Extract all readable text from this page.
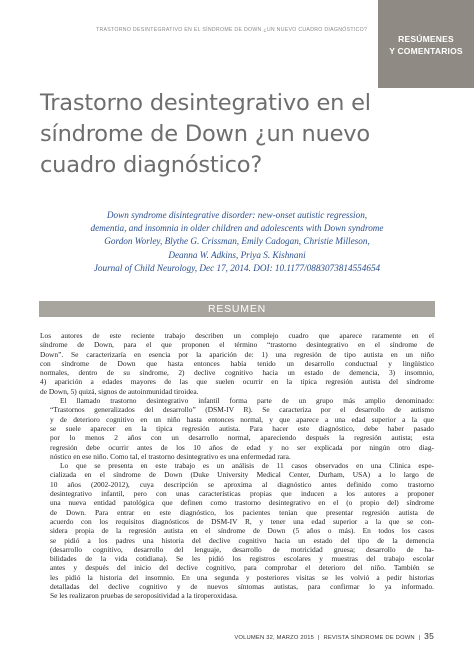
TRASTORNO DESINTEGRATIVO EN EL SÍNDROME DE DOWN ¿UN NUEVO CUADRO DIAGNÓSTICO?
RESÚMENES
Y COMENTARIOS
Trastorno desintegrativo en el
síndrome de Down ¿un nuevo
cuadro diagnóstico?
Down syndrome disintegrative disorder: new-onset autistic regression,
dementia, and insomnia in older children and adolescents with Down syndrome
Gordon Worley, Blythe G. Crissman, Emily Cadogan, Christie Milleson,
Deanna W. Adkins, Priya S. Kishnani
Journal of Child Neurology, Dec 17, 2014. DOI: 10.1177/0883073814554654
RESUMEN

Los autores de este reciente trabajo describen un complejo cuadro que aparece raramente en el
síndrome de Down, para el que proponen el término “trastorno desintegrativo en el síndrome de
Down”. Se caracterizaría en esencia por la aparición de: 1) una regresión de tipo autista en un niño
con síndrome de Down que hasta entonces había tenido un desarrollo conductual y lingüístico
normales, dentro de su síndrome, 2) declive cognitivo hacia un estado de demencia, 3) insomnio,
4) aparición a edades mayores de las que suelen ocurrir en la típica regresión autista del síndrome
de Down, 5) quizá, signos de autoinmunidad tiroidea.

El llamado trastorno desintegrativo infantil forma parte de un grupo más amplio denominado:
“Trastornos generalizados del desarrollo” (DSM-IV R). Se caracteriza por el desarrollo de autismo
y de deterioro cognitivo en un niño hasta entonces normal, y que aparece a una edad superior a la que
se suele aparecer en la típica regresión autista. Para hacer este diagnóstico, debe haber pasado
por lo menos 2 años con un desarrollo normal, apareciendo después la regresión autista; esta
regresión debe ocurrir antes de los 10 años de edad y no ser explicada por ningún otro diag-
nóstico en ese niño. Como tal, el trastorno desintegrativo es una enfermedad rara.

Lo que se presenta en este trabajo es un análisis de 11 casos observados en una Clínica espe-
cializada en el síndrome de Down (Duke University Medical Center, Durham, USA) a lo largo de
10 años (2002-2012), cuya descripción se aproxima al diagnóstico antes definido como trastorno
desintegrativo infantil, pero con unas características propias que inducen a los autores a proponer
una nueva entidad patológica que definen como trastorno desintegrativo en el (o propio del) síndrome
de Down. Para entrar en este diagnóstico, los pacientes tenían que presentar regresión autista de
acuerdo con los requisitos diagnósticos de DSM-IV R, y tener una edad superior a la que se con-
sidera propia de la regresión autista en el síndrome de Down (5 años o más). En todos los casos
se pidió a los padres una historia del declive cognitivo hacia un estado del tipo de la demencia
(desarrollo cognitivo, desarrollo del lenguaje, desarrollo de motricidad gruesa; desarrollo de ha-
bilidades de la vida cotidiana). Se les pidió los registros escolares y muestras del trabajo escolar
antes y después del inicio del declive cognitivo, para comprobar el deterioro del niño. También se
les pidió la historia del insomnio. En una segunda y posteriores visitas se les volvió a pedir historias
detalladas del declive cognitivo y de nuevos síntomas autistas, para confirmar lo ya informado.
Se les realizaron pruebas de seropositividad a la tiroperoxidasa.

VOLUMEN 32, MARZO 2015 | REVISTA SÍNDROME DE DOWN | 35
